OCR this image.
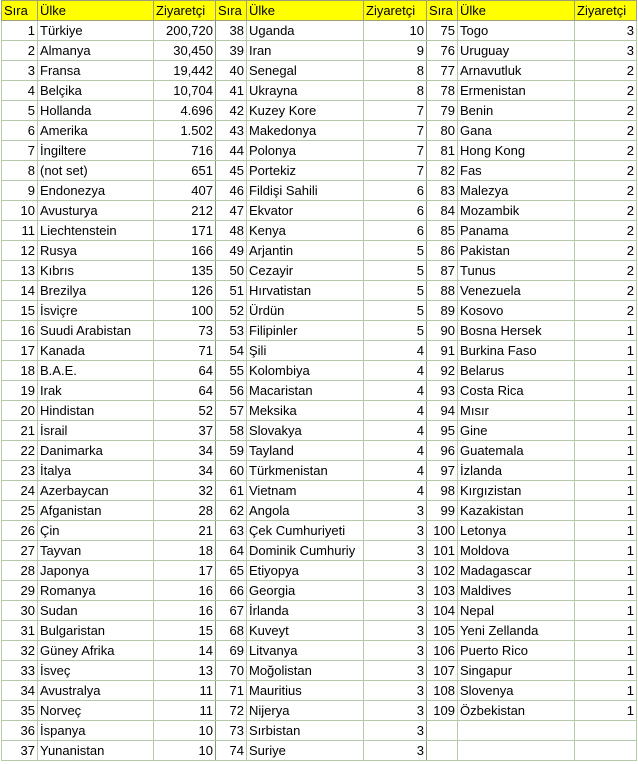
Sıra	Ülke	Ziyaretçi	Sıra	Ülke	Ziyaretçi	Sıra	Ülke	Ziyaretçi
1	Türkiye	200,720	38	Uganda	10	75	Togo	3
2	Almanya	30,450	39	Iran	9	76	Uruguay	3
3	Fransa	19,442	40	Senegal	8	77	Arnavutluk	2
4	Belçika	10,704	41	Ukrayna	8	78	Ermenistan	2
5	Hollanda	4.696	42	Kuzey Kore	7	79	Benin	2
6	Amerika	1.502	43	Makedonya	7	80	Gana	2
7	İngiltere	716	44	Polonya	7	81	Hong Kong	2
8	(not set)	651	45	Portekiz	7	82	Fas	2
9	Endonezya	407	46	Fildişi Sahili	6	83	Malezya	2
10	Avusturya	212	47	Ekvator	6	84	Mozambik	2
11	Liechtenstein	171	48	Kenya	6	85	Panama	2
12	Rusya	166	49	Arjantin	5	86	Pakistan	2
13	Kıbrıs	135	50	Cezayir	5	87	Tunus	2
14	Brezilya	126	51	Hırvatistan	5	88	Venezuela	2
15	İsviçre	100	52	Ürdün	5	89	Kosovo	2
16	Suudi Arabistan	73	53	Filipinler	5	90	Bosna Hersek	1
17	Kanada	71	54	Şili	4	91	Burkina Faso	1
18	B.A.E.	64	55	Kolombiya	4	92	Belarus	1
19	Irak	64	56	Macaristan	4	93	Costa Rica	1
20	Hindistan	52	57	Meksika	4	94	Mısır	1
21	İsrail	37	58	Slovakya	4	95	Gine	1
22	Danimarka	34	59	Tayland	4	96	Guatemala	1
23	İtalya	34	60	Türkmenistan	4	97	İzlanda	1
24	Azerbaycan	32	61	Vietnam	4	98	Kırgızistan	1
25	Afganistan	28	62	Angola	3	99	Kazakistan	1
26	Çin	21	63	Çek Cumhuriyeti	3	100	Letonya	1
27	Tayvan	18	64	Dominik Cumhuriy	3	101	Moldova	1
28	Japonya	17	65	Etiyopya	3	102	Madagascar	1
29	Romanya	16	66	Georgia	3	103	Maldives	1
30	Sudan	16	67	İrlanda	3	104	Nepal	1
31	Bulgaristan	15	68	Kuveyt	3	105	Yeni Zellanda	1
32	Güney Afrika	14	69	Litvanya	3	106	Puerto Rico	1
33	İsveç	13	70	Moğolistan	3	107	Singapur	1
34	Avustralya	11	71	Mauritius	3	108	Slovenya	1
35	Norveç	11	72	Nijerya	3	109	Özbekistan	1
36	İspanya	10	73	Sırbistan	3			
37	Yunanistan	10	74	Suriye	3			
